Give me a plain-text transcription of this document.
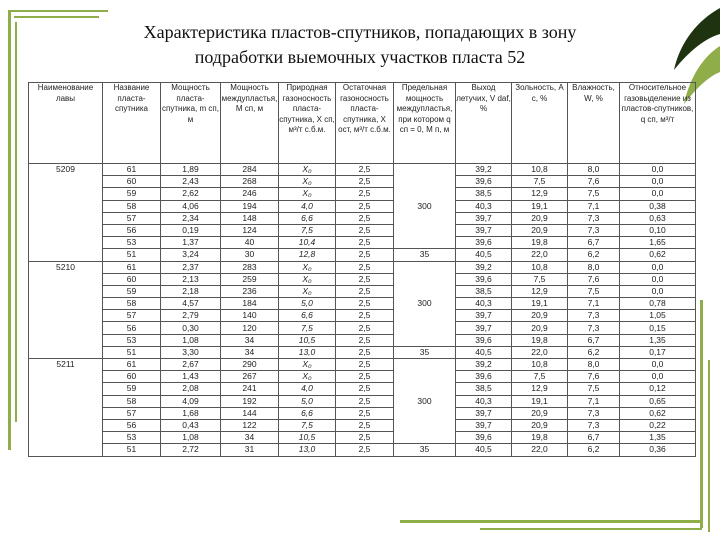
Характеристика пластов-спутников, попадающих в зону
подработки выемочных участков пласта 52
Наименование лавы	Название пласта-спутника	Мощность пласта-спутника, m сп, м	Мощность междупластья, M сп, м	Природная газоносность пласта-спутника, X сп, м³/т с.б.м.	Остаточная газоносность пласта-спутника, X ост, м³/т с.б.м.	Предельная мощность междупластья, при котором q сп = 0, M п, м	Выход летучих, V daf, %	Зольность, A c, %	Влажность, W, %	Относительное газовыделение из пластов-спутников, q сп, м³/т
5209	61	1,89	284	X₀	2,5	300	39,2	10,8	8,0	0,0
	60	2,43	268	X₀	2,5		39,6	7,5	7,6	0,0
	59	2,62	246	X₀	2,5		38,5	12,9	7,5	0,0
	58	4,06	194	4,0	2,5		40,3	19,1	7,1	0,38
	57	2,34	148	6,6	2,5		39,7	20,9	7,3	0,63
	56	0,19	124	7,5	2,5		39,7	20,9	7,3	0,10
	53	1,37	40	10,4	2,5		39,6	19,8	6,7	1,65
	51	3,24	30	12,8	2,5	35	40,5	22,0	6,2	0,62
5210	61	2,37	283	X₀	2,5	300	39,2	10,8	8,0	0,0
	60	2,13	259	X₀	2,5		39,6	7,5	7,6	0,0
	59	2,18	236	X₀	2,5		38,5	12,9	7,5	0,0
	58	4,57	184	5,0	2,5		40,3	19,1	7,1	0,78
	57	2,79	140	6,6	2,5		39,7	20,9	7,3	1,05
	56	0,30	120	7,5	2,5		39,7	20,9	7,3	0,15
	53	1,08	34	10,5	2,5		39,6	19,8	6,7	1,35
	51	3,30	34	13,0	2,5	35	40,5	22,0	6,2	0,17
5211	61	2,67	290	X₀	2,5	300	39,2	10,8	8,0	0,0
	60	1,43	267	X₀	2,5		39,6	7,5	7,6	0,0
	59	2,08	241	4,0	2,5		38,5	12,9	7,5	0,12
	58	4,09	192	5,0	2,5		40,3	19,1	7,1	0,65
	57	1,68	144	6,6	2,5		39,7	20,9	7,3	0,62
	56	0,43	122	7,5	2,5		39,7	20,9	7,3	0,22
	53	1,08	34	10,5	2,5		39,6	19,8	6,7	1,35
	51	2,72	31	13,0	2,5	35	40,5	22,0	6,2	0,36
